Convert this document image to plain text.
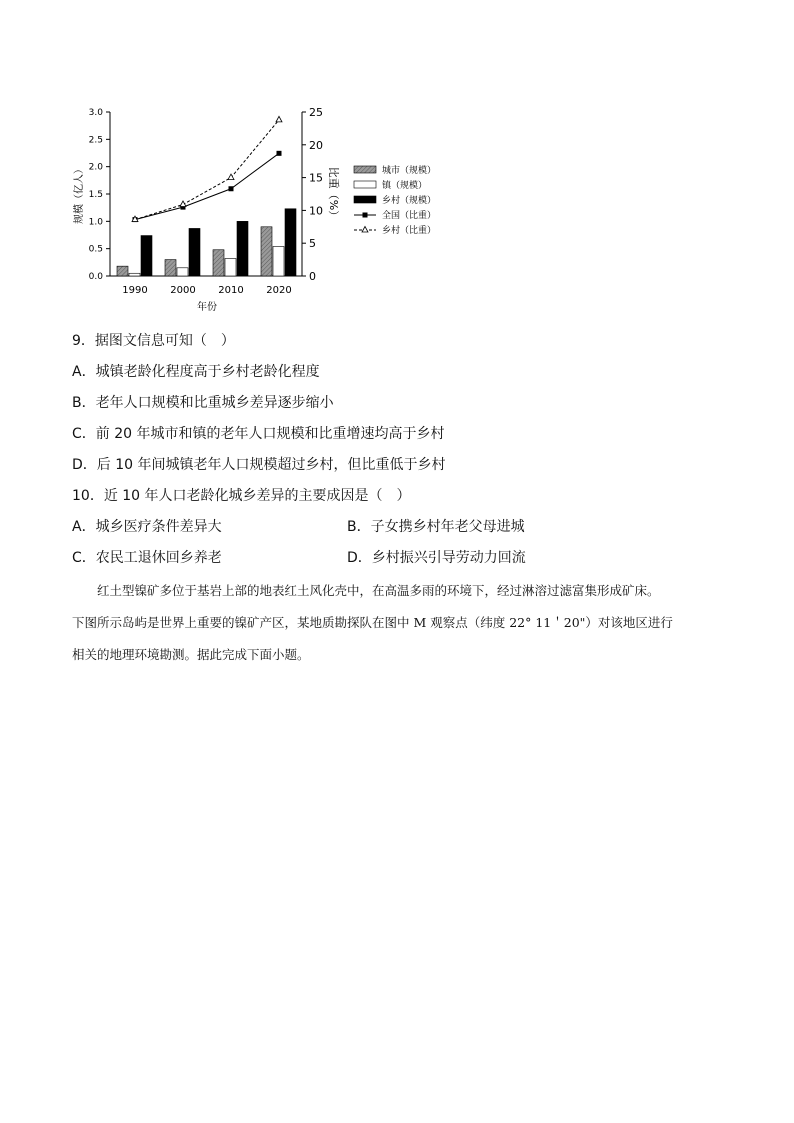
0.0
0.5
1.0
1.5
2.0
2.5
3.0
0
5
10
15
20
25
规模（亿人）	比重（%）
年份
1990 2000 2010 2020
城市（规模）
镇（规模）
乡村（规模）
全国（比重）
乡村（比重）
9．据图文信息可知（　）
A．城镇老龄化程度高于乡村老龄化程度
B．老年人口规模和比重城乡差异逐步缩小
C．前 20 年城市和镇的老年人口规模和比重增速均高于乡村
D．后 10 年间城镇老年人口规模超过乡村，但比重低于乡村
10．近 10 年人口老龄化城乡差异的主要成因是（　）
A．城乡医疗条件差异大	B．子女携乡村年老父母进城
C．农民工退休回乡养老	D．乡村振兴引导劳动力回流
红土型镍矿多位于基岩上部的地表红土风化壳中，在高温多雨的环境下，经过淋溶过滤富集形成矿床。
下图所示岛屿是世界上重要的镍矿产区，某地质勘探队在图中 M 观察点（纬度 22° 11＇20"）对该地区进行
相关的地理环境勘测。据此完成下面小题。
